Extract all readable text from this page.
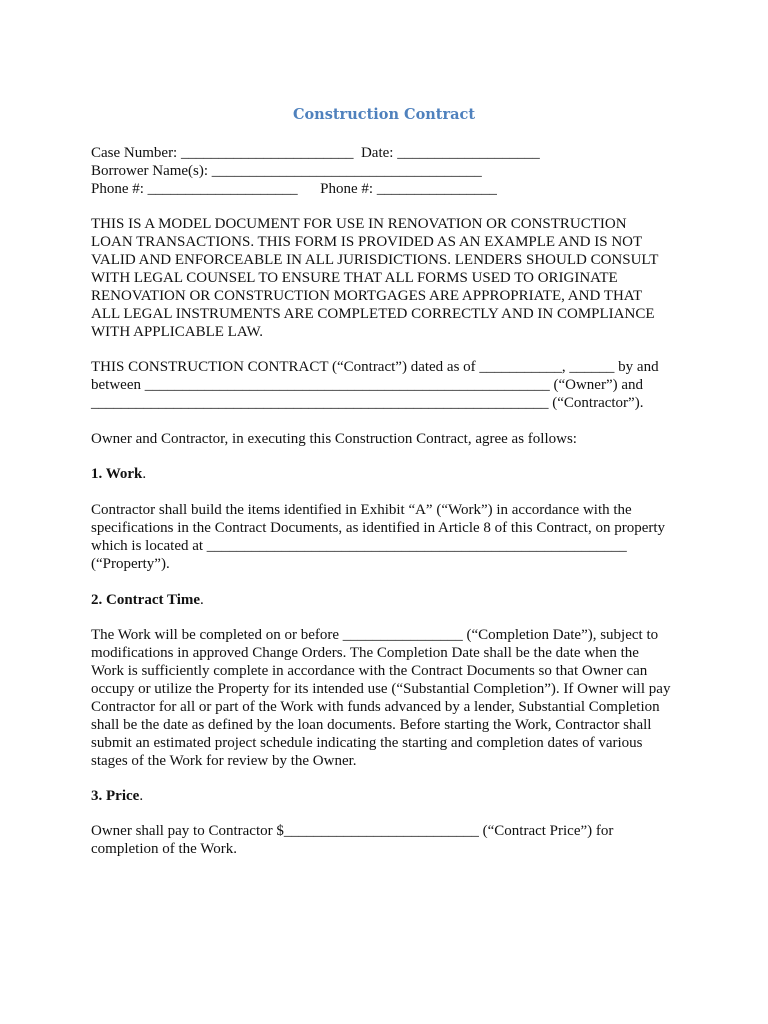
Construction Contract
Case Number: _______________________  Date: ___________________
Borrower Name(s): ____________________________________
Phone #: ____________________      Phone #: ________________
THIS IS A MODEL DOCUMENT FOR USE IN RENOVATION OR CONSTRUCTION
LOAN TRANSACTIONS. THIS FORM IS PROVIDED AS AN EXAMPLE AND IS NOT
VALID AND ENFORCEABLE IN ALL JURISDICTIONS. LENDERS SHOULD CONSULT
WITH LEGAL COUNSEL TO ENSURE THAT ALL FORMS USED TO ORIGINATE
RENOVATION OR CONSTRUCTION MORTGAGES ARE APPROPRIATE, AND THAT
ALL LEGAL INSTRUMENTS ARE COMPLETED CORRECTLY AND IN COMPLIANCE
WITH APPLICABLE LAW.
THIS CONSTRUCTION CONTRACT (“Contract”) dated as of ___________, ______ by and
between ______________________________________________________ (“Owner”) and
_____________________________________________________________ (“Contractor”).
Owner and Contractor, in executing this Construction Contract, agree as follows:
1. Work.
Contractor shall build the items identified in Exhibit “A” (“Work”) in accordance with the
specifications in the Contract Documents, as identified in Article 8 of this Contract, on property
which is located at ________________________________________________________
(“Property”).
2. Contract Time.
The Work will be completed on or before ________________ (“Completion Date”), subject to
modifications in approved Change Orders. The Completion Date shall be the date when the
Work is sufficiently complete in accordance with the Contract Documents so that Owner can
occupy or utilize the Property for its intended use (“Substantial Completion”). If Owner will pay
Contractor for all or part of the Work with funds advanced by a lender, Substantial Completion
shall be the date as defined by the loan documents. Before starting the Work, Contractor shall
submit an estimated project schedule indicating the starting and completion dates of various
stages of the Work for review by the Owner.
3. Price.
Owner shall pay to Contractor $__________________________ (“Contract Price”) for
completion of the Work.
